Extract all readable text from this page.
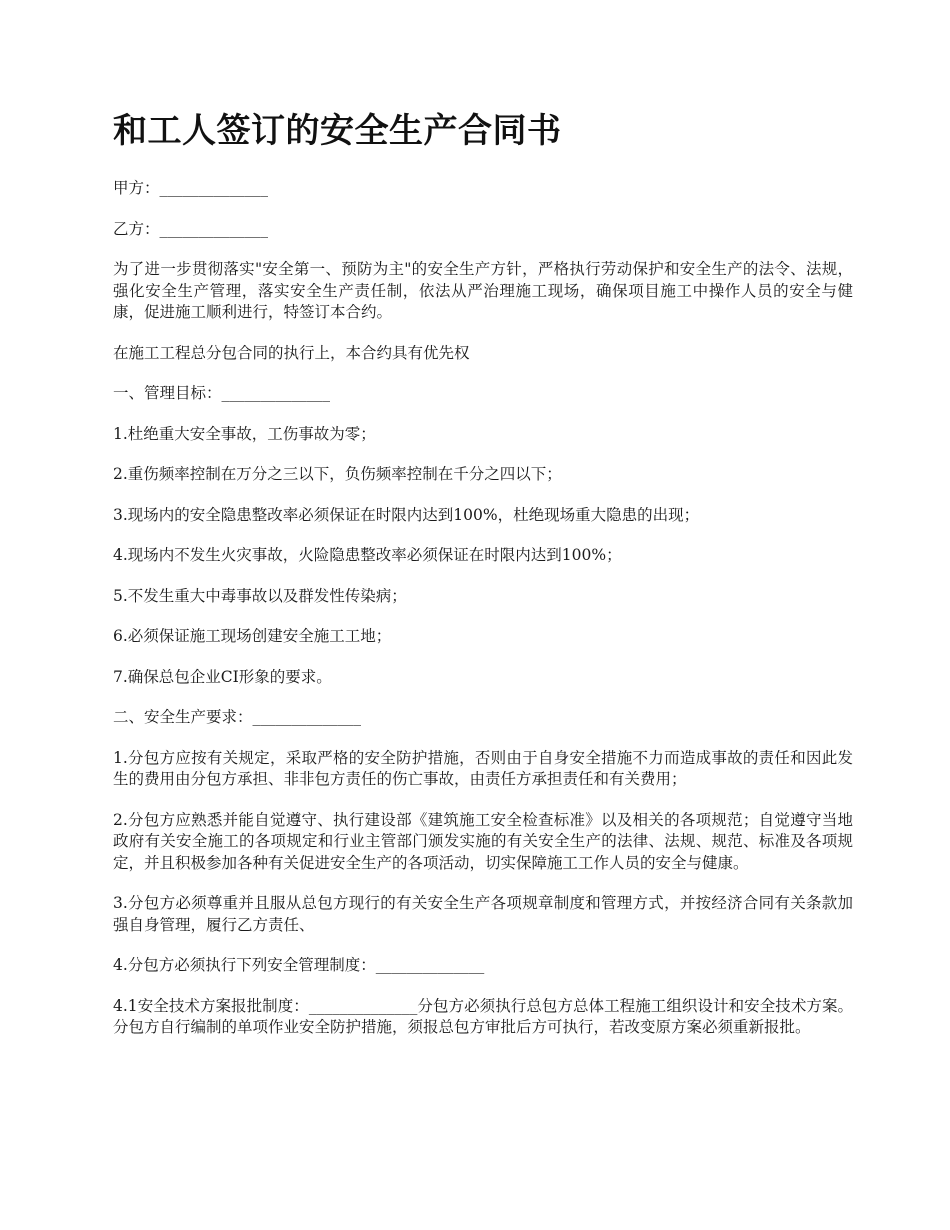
和工人签订的安全生产合同书

甲方：______________

乙方：______________

为了进一步贯彻落实"安全第一、预防为主"的安全生产方针，严格执行劳动保护和安全生产的法令、法规，强化安全生产管理，落实安全生产责任制，依法从严治理施工现场，确保项目施工中操作人员的安全与健康，促进施工顺利进行，特签订本合约。

在施工工程总分包合同的执行上，本合约具有优先权

一、管理目标：______________

1.杜绝重大安全事故，工伤事故为零；

2.重伤频率控制在万分之三以下，负伤频率控制在千分之四以下；

3.现场内的安全隐患整改率必须保证在时限内达到100%，杜绝现场重大隐患的出现；

4.现场内不发生火灾事故，火险隐患整改率必须保证在时限内达到100%；

5.不发生重大中毒事故以及群发性传染病；

6.必须保证施工现场创建安全施工工地；

7.确保总包企业CI形象的要求。

二、安全生产要求：______________

1.分包方应按有关规定，采取严格的安全防护措施，否则由于自身安全措施不力而造成事故的责任和因此发生的费用由分包方承担、非非包方责任的伤亡事故，由责任方承担责任和有关费用；

2.分包方应熟悉并能自觉遵守、执行建设部《建筑施工安全检查标准》以及相关的各项规范；自觉遵守当地政府有关安全施工的各项规定和行业主管部门颁发实施的有关安全生产的法律、法规、规范、标准及各项规定，并且积极参加各种有关促进安全生产的各项活动，切实保障施工工作人员的安全与健康。

3.分包方必须尊重并且服从总包方现行的有关安全生产各项规章制度和管理方式，并按经济合同有关条款加强自身管理，履行乙方责任、

4.分包方必须执行下列安全管理制度：______________

4.1安全技术方案报批制度：______________分包方必须执行总包方总体工程施工组织设计和安全技术方案。分包方自行编制的单项作业安全防护措施，须报总包方审批后方可执行，若改变原方案必须重新报批。
